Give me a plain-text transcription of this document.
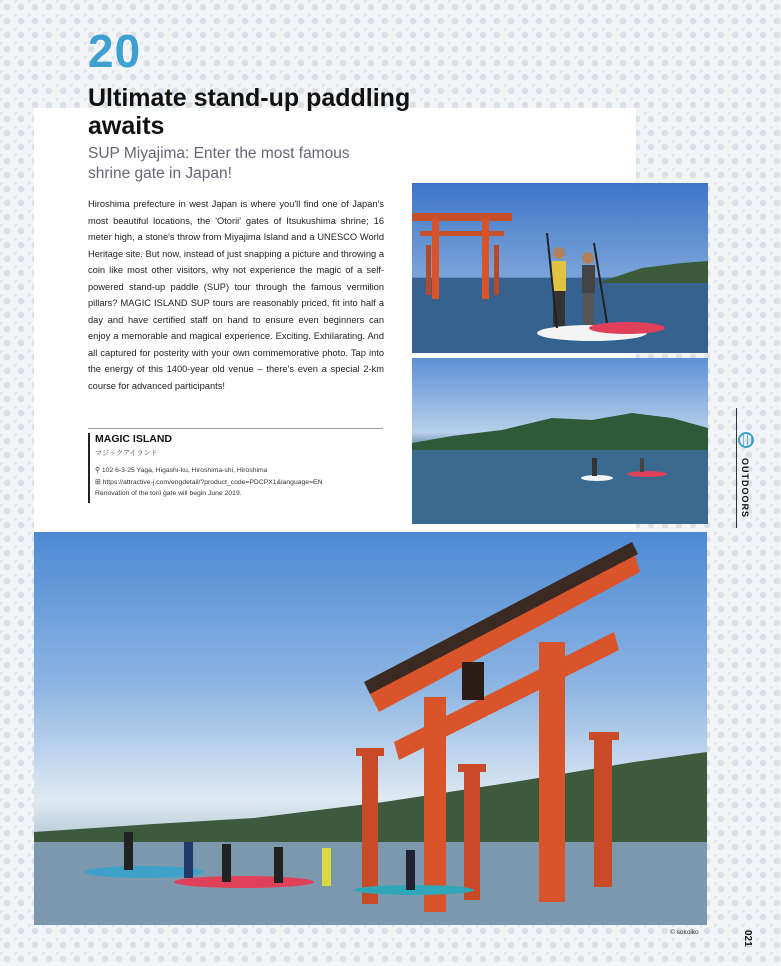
20
Ultimate stand-up paddling awaits
SUP Miyajima: Enter the most famous shrine gate in Japan!
Hiroshima prefecture in west Japan is where you'll find one of Japan's most beautiful locations, the 'Otorii' gates of Itsukushima shrine; 16 meter high, a stone's throw from Miyajima Island and a UNESCO World Heritage site. But now, instead of just snapping a picture and throwing a coin like most other visitors, why not experience the magic of a self-powered stand-up paddle (SUP) tour through the famous vermilion pillars? MAGIC ISLAND SUP tours are reasonably priced, fit into half a day and have certified staff on hand to ensure even beginners can enjoy a memorable and magical experience. Exciting. Exhilarating. And all captured for posterity with your own commemorative photo. Tap into the energy of this 1400-year old venue – there's even a special 2-km course for advanced participants!
MAGIC ISLAND
マジックアイランド
⚲ 102 6-3-25 Yaga, Higashi-ku, Hiroshima-shi, Hiroshima
⊞ https://attractive-j.com/engdetail/?product_code=PDCPX1&language=EN
Renovation of the torii gate will begin June 2019.
© sokoiko
OUTDOORS
021
